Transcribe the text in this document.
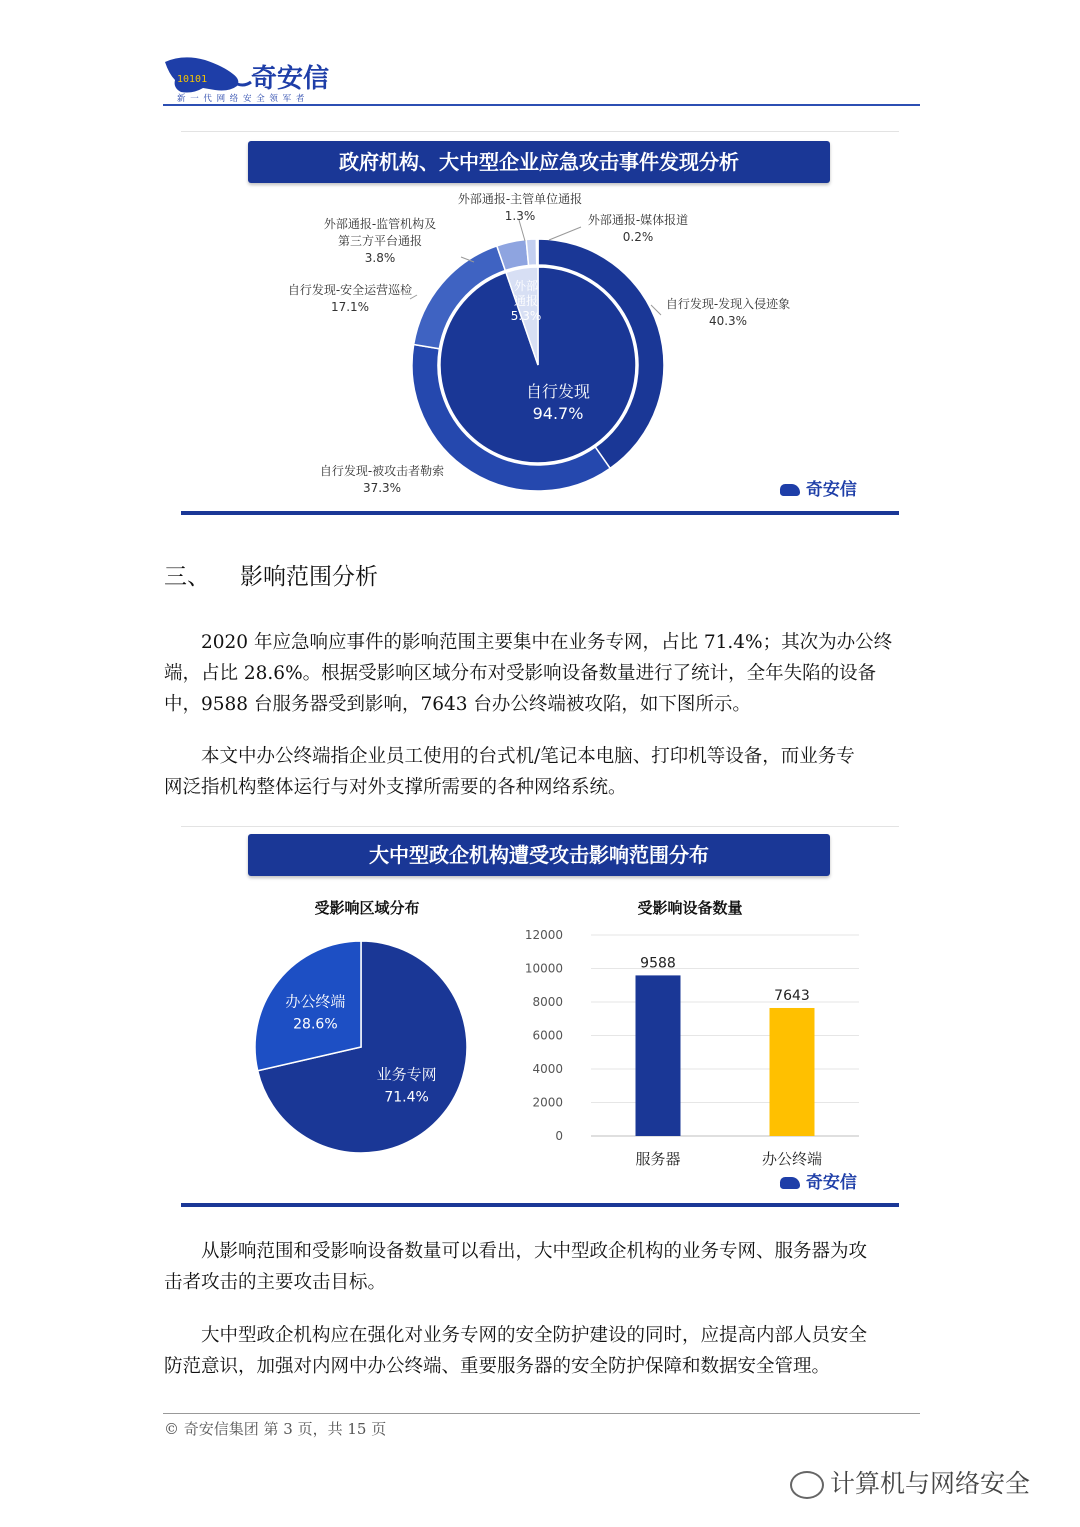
10101 奇安信
新 一 代 网 络 安 全 领 军 者
政府机构、大中型企业应急攻击事件发现分析
自行发现
94.7%
外部通报
5.3%
自行发现-发现入侵迹象
40.3%
自行发现-被攻击者勒索
37.3%
自行发现-安全运营巡检
17.1%
外部通报-监管机构及
第三方平台通报
3.8%
外部通报-主管单位通报
1.3%	外部通报-媒体报道
0.2%
奇安信
三、 影响范围分析
2020 年应急响应事件的影响范围主要集中在业务专网，占比 71.4%；其次为办公终
端，占比 28.6%。根据受影响区域分布对受影响设备数量进行了统计，全年失陷的设备
中，9588 台服务器受到影响，7643 台办公终端被攻陷，如下图所示。
本文中办公终端指企业员工使用的台式机/笔记本电脑、打印机等设备，而业务专
网泛指机构整体运行与对外支撑所需要的各种网络系统。
大中型政企机构遭受攻击影响范围分布
受影响区域分布	受影响设备数量
业务专网
71.4%
办公终端
28.6%
12000
10000
8000
6000
4000
2000
0
9588
服务器
7643
办公终端
奇安信
从影响范围和受影响设备数量可以看出，大中型政企机构的业务专网、服务器为攻
击者攻击的主要攻击目标。
大中型政企机构应在强化对业务专网的安全防护建设的同时，应提高内部人员安全
防范意识，加强对内网中办公终端、重要服务器的安全防护保障和数据安全管理。
© 奇安信集团 第 3 页，共 15 页
计算机与网络安全
